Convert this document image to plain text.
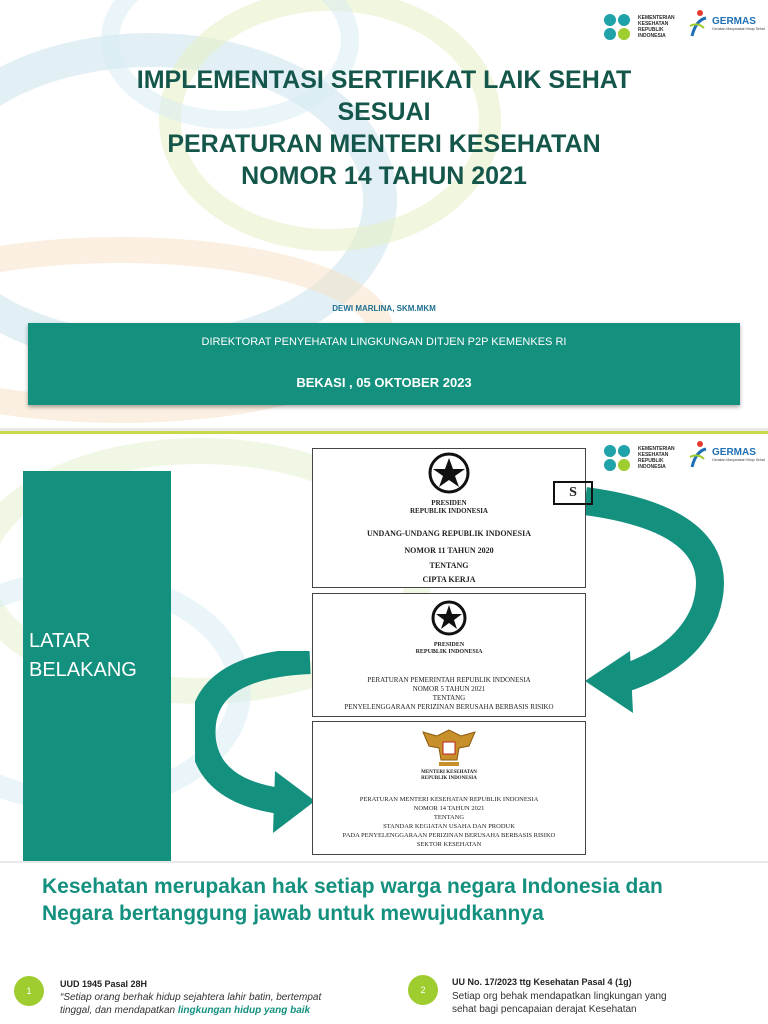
KEMENTERIAN
KESEHATAN
REPUBLIK
INDONESIA
GERMAS
Gerakan Masyarakat Hidup Sehat
IMPLEMENTASI SERTIFIKAT LAIK SEHAT
SESUAI
PERATURAN MENTERI KESEHATAN
NOMOR 14 TAHUN 2021
DEWI MARLINA, SKM.MKM
DIREKTORAT PENYEHATAN LINGKUNGAN DITJEN P2P KEMENKES RI
BEKASI , 05 OKTOBER 2023
KEMENTERIAN
KESEHATAN
REPUBLIK
INDONESIA
GERMAS
Gerakan Masyarakat Hidup Sehat
LATAR
BELAKANG
S
PRESIDEN
REPUBLIK INDONESIA
UNDANG-UNDANG REPUBLIK INDONESIA
NOMOR 11 TAHUN 2020
TENTANG
CIPTA KERJA
PRESIDEN
REPUBLIK INDONESIA
PERATURAN PEMERINTAH REPUBLIK INDONESIA
NOMOR 5 TAHUN 2021
TENTANG
PENYELENGGARAAN PERIZINAN BERUSAHA BERBASIS RISIKO
MENTERI KESEHATAN
REPUBLIK INDONESIA
PERATURAN MENTERI KESEHATAN REPUBLIK INDONESIA
NOMOR 14 TAHUN 2021
TENTANG
STANDAR KEGIATAN USAHA DAN PRODUK
PADA PENYELENGGARAAN PERIZINAN BERUSAHA BERBASIS RISIKO
SEKTOR KESEHATAN
Kesehatan merupakan hak setiap warga negara Indonesia dan
Negara bertanggung jawab untuk mewujudkannya
1
UUD 1945 Pasal 28H
“Setiap orang berhak hidup sejahtera lahir batin, bertempat
tinggal, dan mendapatkan lingkungan hidup yang baik
2
UU No. 17/2023 ttg Kesehatan Pasal 4 (1g)
Setiap org behak mendapatkan lingkungan yang
sehat bagi pencapaian derajat Kesehatan
